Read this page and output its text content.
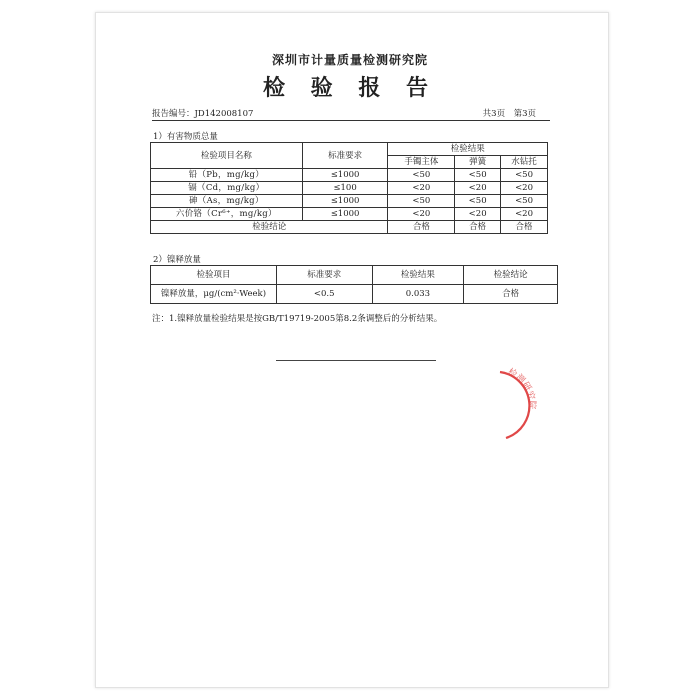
深圳市计量质量检测研究院
检 验 报 告
报告编号：JD142008107	共3页　第3页
1）有害物质总量
检验项目名称	标准要求	检验结果		
		手镯主体	弹簧	水钻托
铅（Pb，mg/kg）	≤1000	<50	<50	<50
镉（Cd，mg/kg）	≤100	<20	<20	<20
砷（As，mg/kg）	≤1000	<50	<50	<50
六价铬（Cr⁶⁺，mg/kg）	≤1000	<20	<20	<20
检验结论		合格	合格	合格
2）镍释放量
检验项目	标准要求	检验结果	检验结论
镍释放量，μg/(cm²·Week)	<0.5	0.033	合格
注：1.镍释放量检验结果是按GB/T19719-2005第8.2条调整后的分析结果。
检测研究院
